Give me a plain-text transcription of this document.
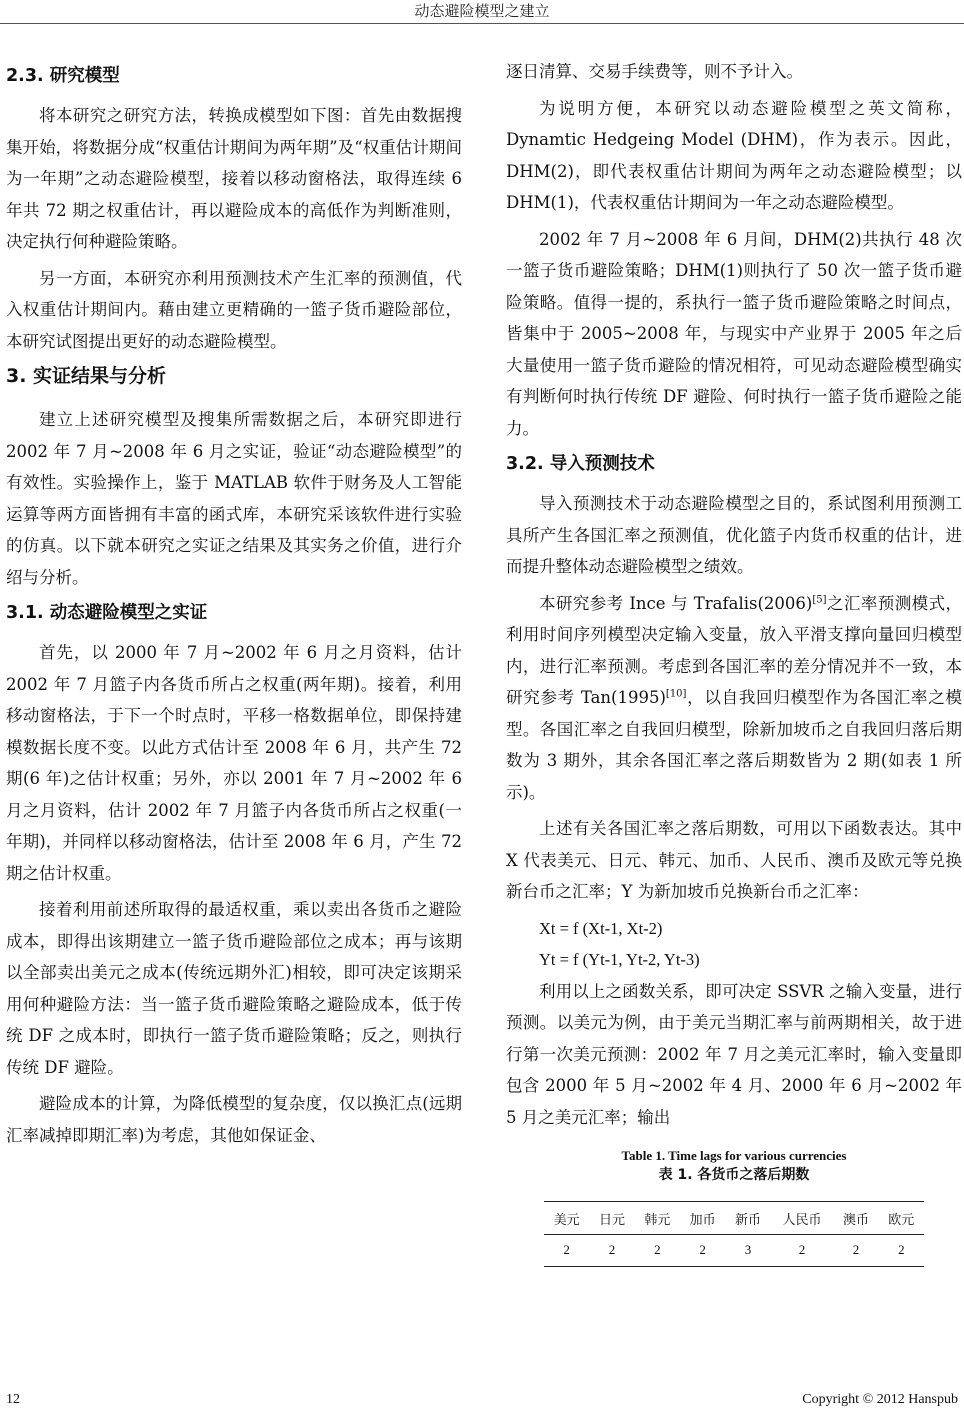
动态避险模型之建立
2.3. 研究模型

将本研究之研究方法，转换成模型如下图：首先由数据搜集开始，将数据分成“权重估计期间为两年期”及“权重估计期间为一年期”之动态避险模型，接着以移动窗格法，取得连续 6 年共 72 期之权重估计，再以避险成本的高低作为判断准则，决定执行何种避险策略。

另一方面，本研究亦利用预测技术产生汇率的预测值，代入权重估计期间内。藉由建立更精确的一篮子货币避险部位，本研究试图提出更好的动态避险模型。

3. 实证结果与分析

建立上述研究模型及搜集所需数据之后，本研究即进行 2002 年 7 月~2008 年 6 月之实证，验证“动态避险模型”的有效性。实验操作上，鉴于 MATLAB 软件于财务及人工智能运算等两方面皆拥有丰富的函式库，本研究采该软件进行实验的仿真。以下就本研究之实证之结果及其实务之价值，进行介绍与分析。

3.1. 动态避险模型之实证

首先，以 2000 年 7 月~2002 年 6 月之月资料，估计 2002 年 7 月篮子内各货币所占之权重(两年期)。接着，利用移动窗格法，于下一个时点时，平移一格数据单位，即保持建模数据长度不变。以此方式估计至 2008 年 6 月，共产生 72 期(6 年)之估计权重；另外，亦以 2001 年 7 月~2002 年 6 月之月资料，估计 2002 年 7 月篮子内各货币所占之权重(一年期)，并同样以移动窗格法，估计至 2008 年 6 月，产生 72 期之估计权重。

接着利用前述所取得的最适权重，乘以卖出各货币之避险成本，即得出该期建立一篮子货币避险部位之成本；再与该期以全部卖出美元之成本(传统远期外汇)相较，即可决定该期采用何种避险方法：当一篮子货币避险策略之避险成本，低于传统 DF 之成本时，即执行一篮子货币避险策略；反之，则执行传统 DF 避险。

避险成本的计算，为降低模型的复杂度，仅以换汇点(远期汇率减掉即期汇率)为考虑，其他如保证金、

逐日清算、交易手续费等，则不予计入。

为说明方便，本研究以动态避险模型之英文简称，Dynamtic Hedgeing Model (DHM)，作为表示。因此，DHM(2)，即代表权重估计期间为两年之动态避险模型；以 DHM(1)，代表权重估计期间为一年之动态避险模型。

2002 年 7 月~2008 年 6 月间，DHM(2)共执行 48 次一篮子货币避险策略；DHM(1)则执行了 50 次一篮子货币避险策略。值得一提的，系执行一篮子货币避险策略之时间点，皆集中于 2005~2008 年，与现实中产业界于 2005 年之后大量使用一篮子货币避险的情况相符，可见动态避险模型确实有判断何时执行传统 DF 避险、何时执行一篮子货币避险之能力。

3.2. 导入预测技术

导入预测技术于动态避险模型之目的，系试图利用预测工具所产生各国汇率之预测值，优化篮子内货币权重的估计，进而提升整体动态避险模型之绩效。

本研究参考 Ince 与 Trafalis(2006)[5]之汇率预测模式，利用时间序列模型决定输入变量，放入平滑支撑向量回归模型内，进行汇率预测。考虑到各国汇率的差分情况并不一致，本研究参考 Tan(1995)[10]，以自我回归模型作为各国汇率之模型。各国汇率之自我回归模型，除新加坡币之自我回归落后期数为 3 期外，其余各国汇率之落后期数皆为 2 期(如表 1 所示)。

上述有关各国汇率之落后期数，可用以下函数表达。其中 X 代表美元、日元、韩元、加币、人民币、澳币及欧元等兑换新台币之汇率；Y 为新加坡币兑换新台币之汇率：

Xt = f (Xt-1, Xt-2)

Yt = f (Yt-1, Yt-2, Yt-3)

利用以上之函数关系，即可决定 SSVR 之输入变量，进行预测。以美元为例，由于美元当期汇率与前两期相关，故于进行第一次美元预测：2002 年 7 月之美元汇率时，输入变量即包含 2000 年 5 月~2002 年 4 月、2000 年 6 月~2002 年 5 月之美元汇率；输出

Table 1. Time lags for various currencies
表 1. 各货币之落后期数
美元	日元	韩元	加币	新币	人民币	澳币	欧元
2	2	2	2	3	2	2	2
12	Copyright © 2012 Hanspub
